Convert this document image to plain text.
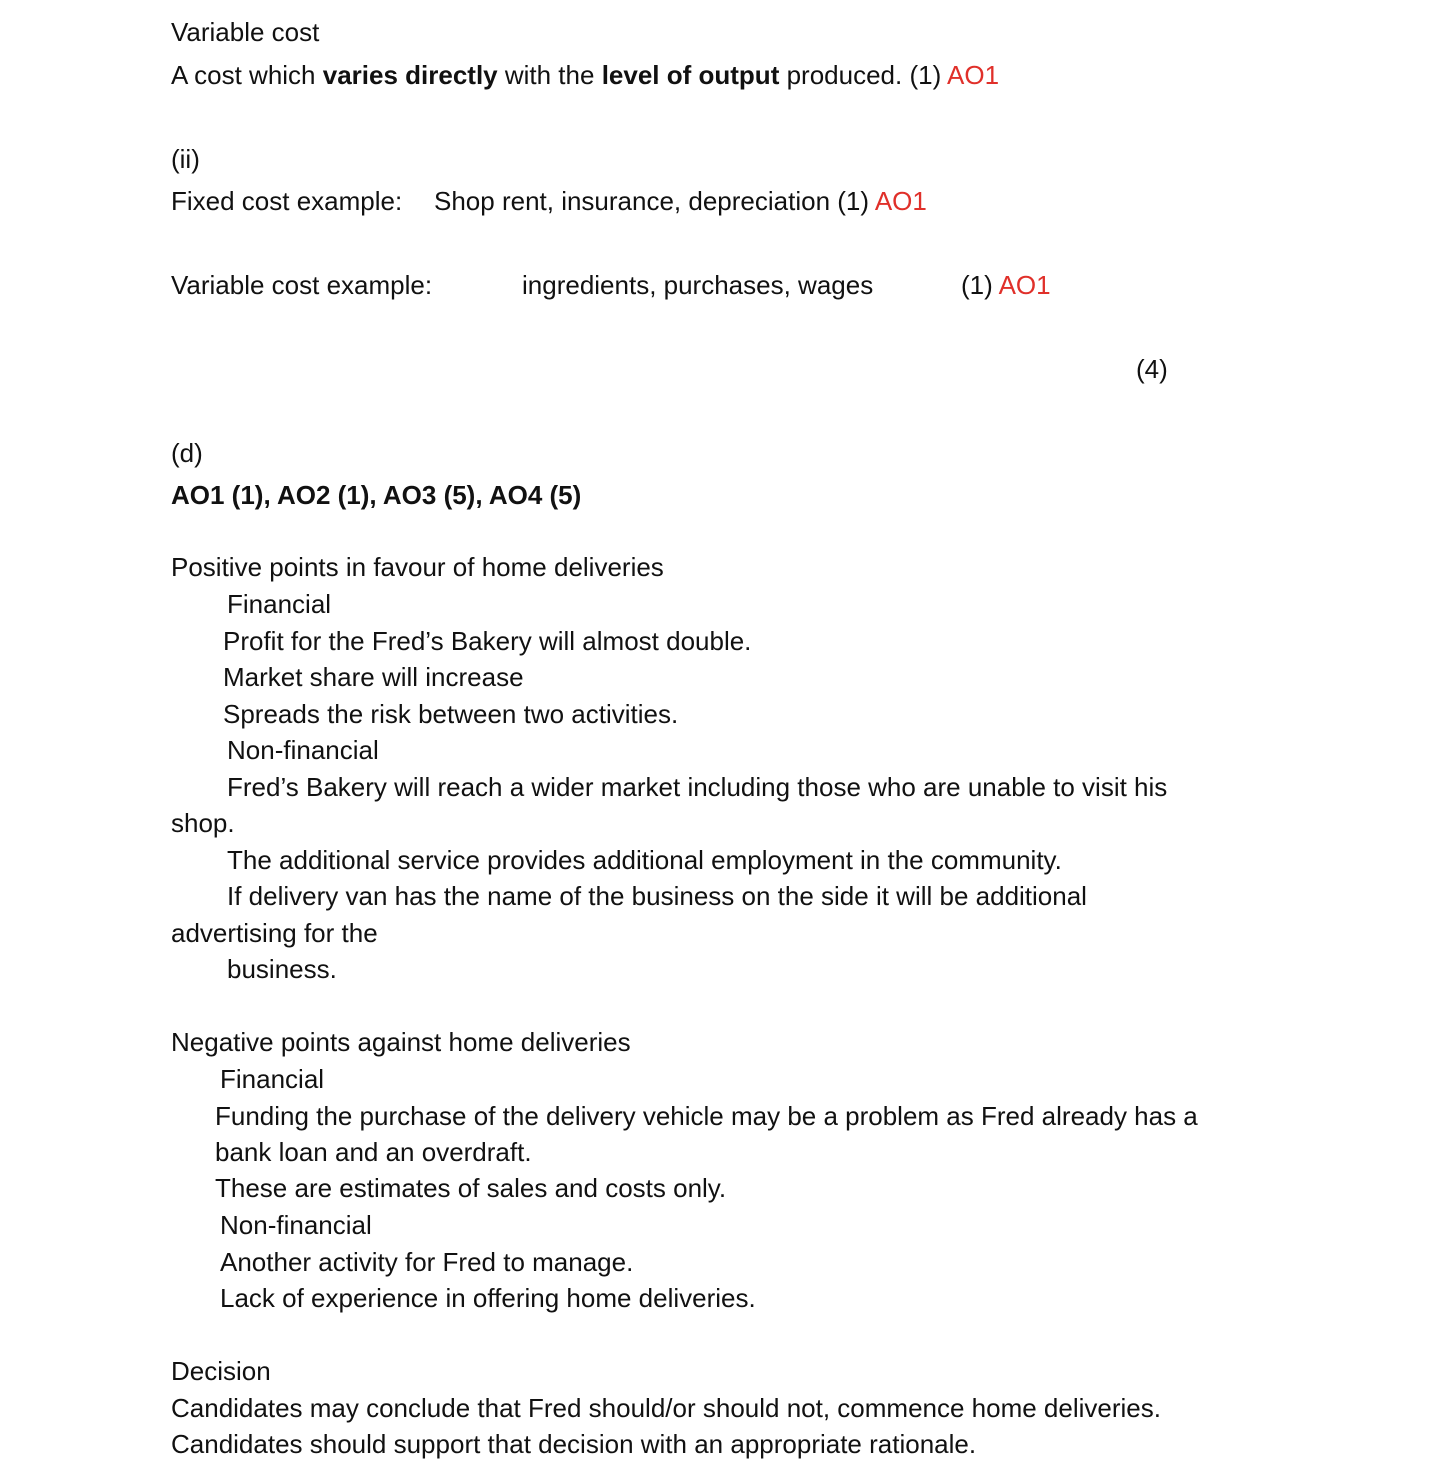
Variable cost
A cost which varies directly with the level of output produced. (1) AO1
(ii)
Fixed cost example: Shop rent, insurance, depreciation (1) AO1
Variable cost example:	ingredients, purchases, wages	(1) AO1
(4)
(d)
AO1 (1), AO2 (1), AO3 (5), AO4 (5)
Positive points in favour of home deliveries
Financial
Profit for the Fred’s Bakery will almost double.
Market share will increase
Spreads the risk between two activities.
Non-financial
Fred’s Bakery will reach a wider market including those who are unable to visit his
shop.
The additional service provides additional employment in the community.
If delivery van has the name of the business on the side it will be additional
advertising for the
business.
Negative points against home deliveries
Financial
Funding the purchase of the delivery vehicle may be a problem as Fred already has a
bank loan and an overdraft.
These are estimates of sales and costs only.
Non-financial
Another activity for Fred to manage.
Lack of experience in offering home deliveries.
Decision
Candidates may conclude that Fred should/or should not, commence home deliveries.
Candidates should support that decision with an appropriate rationale.
